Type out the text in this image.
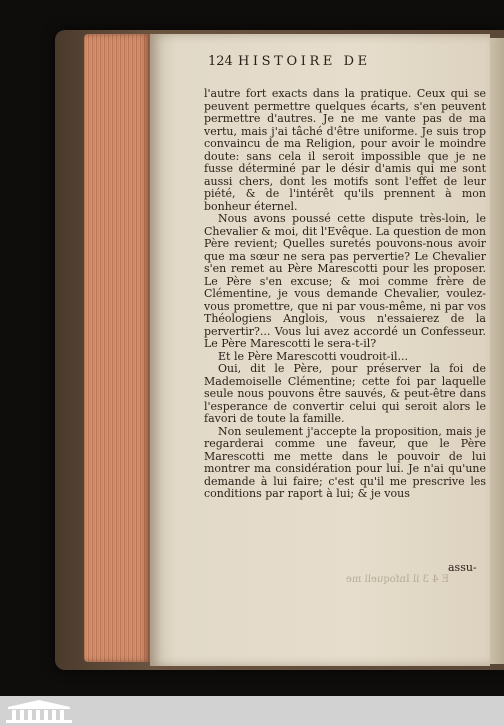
124 HISTOIRE DE

l'autre fort exacts dans la pratique. Ceux qui se peuvent permettre quelques écarts, s'en peuvent permettre d'autres. Je ne me vante pas de ma vertu, mais j'ai tâché d'être uniforme. Je suis trop convaincu de ma Religion, pour avoir le moindre doute: sans cela il seroit impossible que je ne fusse déterminé par le désir d'amis qui me sont aussi chers, dont les motifs sont l'effet de leur piété, & de l'intérêt qu'ils prennent à mon bonheur éternel.

Nous avons poussé cette dispute très-loin, le Chevalier & moi, dit l'Evêque. La question de mon Père revient; Quelles suretés pouvons-nous avoir que ma sœur ne sera pas pervertie? Le Chevalier s'en remet au Père Marescotti pour les proposer. Le Père s'en excuse; & moi comme frère de Clémentine, je vous demande Chevalier, voulez-vous promettre, que ni par vous-même, ni par vos Théologiens Anglois, vous n'essaierez de la pervertir?... Vous lui avez accordé un Confesseur. Le Père Marescotti le sera-t-il?

Et le Père Marescotti voudroit-il...

Oui, dit le Père, pour préserver la foi de Mademoiselle Clémentine; cette foi par laquelle seule nous pouvons être sauvés, & peut-être dans l'esperance de convertir celui qui seroit alors le favori de toute la famille.

Non seulement j'accepte la proposition, mais je regarderai comme une faveur, que le Père Marescotti me mette dans le pouvoir de lui montrer ma considération pour lui. Je n'ai qu'une demande à lui faire; c'est qu'il me prescrive les conditions par raport à lui; & je vous

assu-
E 4 3 il Infoquell me
